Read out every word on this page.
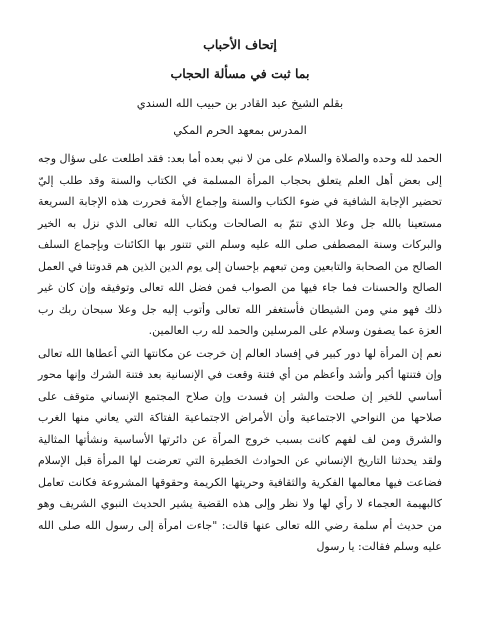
إتحاف الأحباب
بما ثبت في مسألة الحجاب

بقلم الشيخ عبد القادر بن حبيب الله السندي

المدرس بمعهد الحرم المكي

الحمد لله وحده والصلاة والسلام على من لا نبي بعده أما بعد: فقد اطلعت على سؤال وجه إلى بعض أهل العلم يتعلق بحجاب المرأة المسلمة في الكتاب والسنة وقد طلب إليّ تحضير الإجابة الشافية في ضوء الكتاب والسنة وإجماع الأمة فحررت هذه الإجابة السريعة مستعينا بالله جل وعلا الذي تتمّ به الصالحات وبكتاب الله تعالى الذي نزل به الخير والبركات وسنة المصطفى صلى الله عليه وسلم التي تتنور بها الكائنات وبإجماع السلف الصالح من الصحابة والتابعين ومن تبعهم بإحسان إلى يوم الدين الذين هم قدوتنا في العمل الصالح والحسنات فما جاء فيها من الصواب فمن فضل الله تعالى وتوفيقه وإن كان غير ذلك فهو مني ومن الشيطان فأستغفر الله تعالى وأتوب إليه جل وعلا سبحان ربك رب العزة عما يصفون وسلام على المرسلين والحمد لله رب العالمين.

نعم إن المرأة لها دور كبير في إفساد العالم إن خرجت عن مكانتها التي أعطاها الله تعالى وإن فتنتها أكبر وأشد وأعظم من أي فتنة وقعت في الإنسانية بعد فتنة الشرك وإنها محور أساسي للخير إن صلحت والشر إن فسدت وإن صلاح المجتمع الإنساني متوقف على صلاحها من النواحي الاجتماعية وأن الأمراض الاجتماعية الفتاكة التي يعاني منها الغرب والشرق ومن لف لفهم كانت بسبب خروج المرأة عن دائرتها الأساسية ونشأتها المثالية ولقد يحدثنا التاريخ الإنساني عن الحوادث الخطيرة التي تعرضت لها المرأة قبل الإسلام فضاعت فيها معالمها الفكرية والثقافية وحريتها الكريمة وحقوقها المشروعة فكانت تعامل كالبهيمة العجماء لا رأي لها ولا نظر وإلى هذه القضية يشير الحديث النبوي الشريف وهو من حديث أم سلمة رضي الله تعالى عنها قالت: "جاءت امرأة إلى رسول الله صلى الله عليه وسلم فقالت: يا رسول
